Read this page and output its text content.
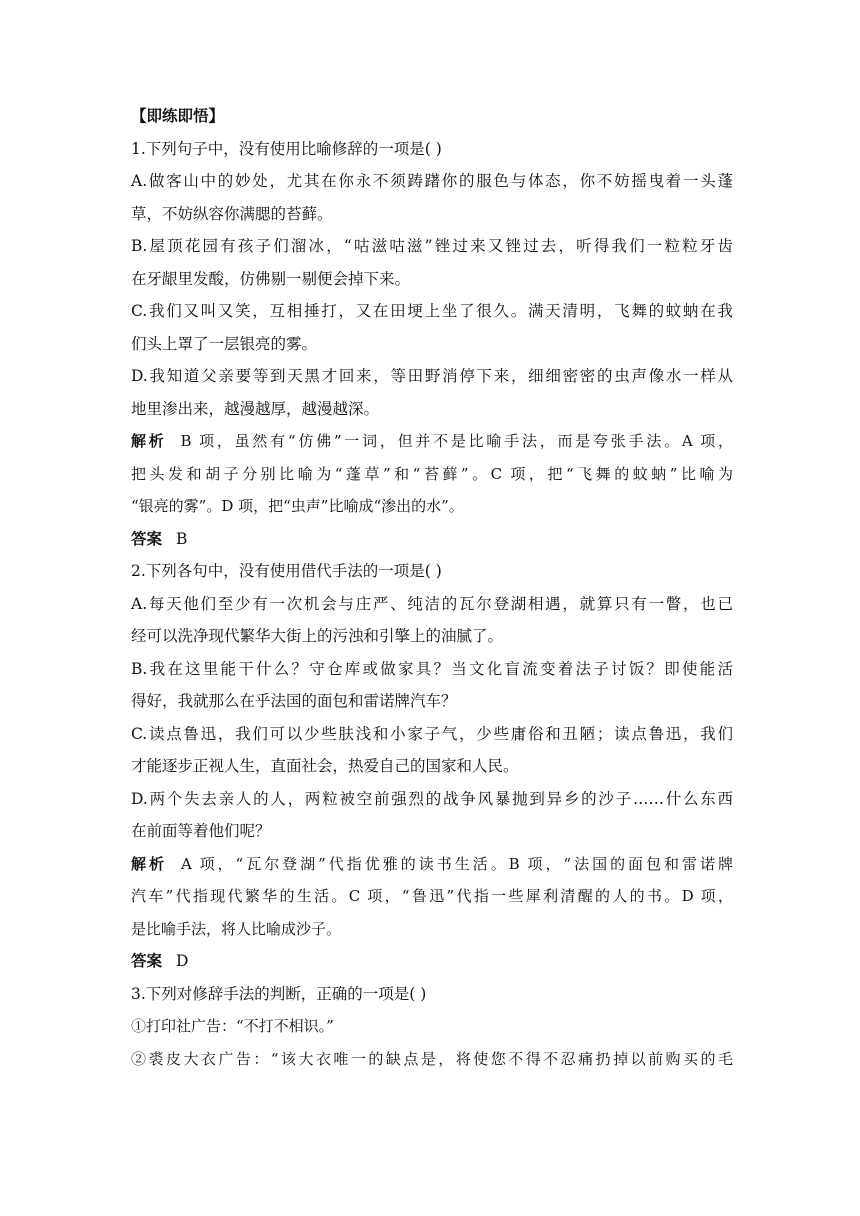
【即练即悟】
1.下列句子中，没有使用比喻修辞的一项是( )
A.做客山中的妙处，尤其在你永不须踌躇你的服色与体态，你不妨摇曳着一头蓬
草，不妨纵容你满腮的苔藓。
B.屋顶花园有孩子们溜冰，“咕滋咕滋”锉过来又锉过去，听得我们一粒粒牙齿
在牙龈里发酸，仿佛剔一剔便会掉下来。
C.我们又叫又笑，互相捶打，又在田埂上坐了很久。满天清明，飞舞的蚊蚋在我
们头上罩了一层银亮的雾。
D.我知道父亲要等到天黑才回来，等田野消停下来，细细密密的虫声像水一样从
地里渗出来，越漫越厚，越漫越深。
解析 B 项，虽然有“仿佛”一词，但并不是比喻手法，而是夸张手法。A 项，
把头发和胡子分别比喻为“蓬草”和“苔藓”。C 项，把“飞舞的蚊蚋”比喻为
“银亮的雾”。D 项，把“虫声”比喻成“渗出的水”。
答案 B
2.下列各句中，没有使用借代手法的一项是( )
A.每天他们至少有一次机会与庄严、纯洁的瓦尔登湖相遇，就算只有一瞥，也已
经可以洗净现代繁华大街上的污浊和引擎上的油腻了。
B.我在这里能干什么？守仓库或做家具？当文化盲流变着法子讨饭？即使能活
得好，我就那么在乎法国的面包和雷诺牌汽车？
C.读点鲁迅，我们可以少些肤浅和小家子气，少些庸俗和丑陋；读点鲁迅，我们
才能逐步正视人生，直面社会，热爱自己的国家和人民。
D.两个失去亲人的人，两粒被空前强烈的战争风暴抛到异乡的沙子……什么东西
在前面等着他们呢？
解析 A 项，“瓦尔登湖”代指优雅的读书生活。B 项，“法国的面包和雷诺牌
汽车”代指现代繁华的生活。C 项，“鲁迅”代指一些犀利清醒的人的书。D 项，
是比喻手法，将人比喻成沙子。
答案 D
3.下列对修辞手法的判断，正确的一项是( )
①打印社广告：“不打不相识。”
②裘皮大衣广告：“该大衣唯一的缺点是，将使您不得不忍痛扔掉以前购买的毛
